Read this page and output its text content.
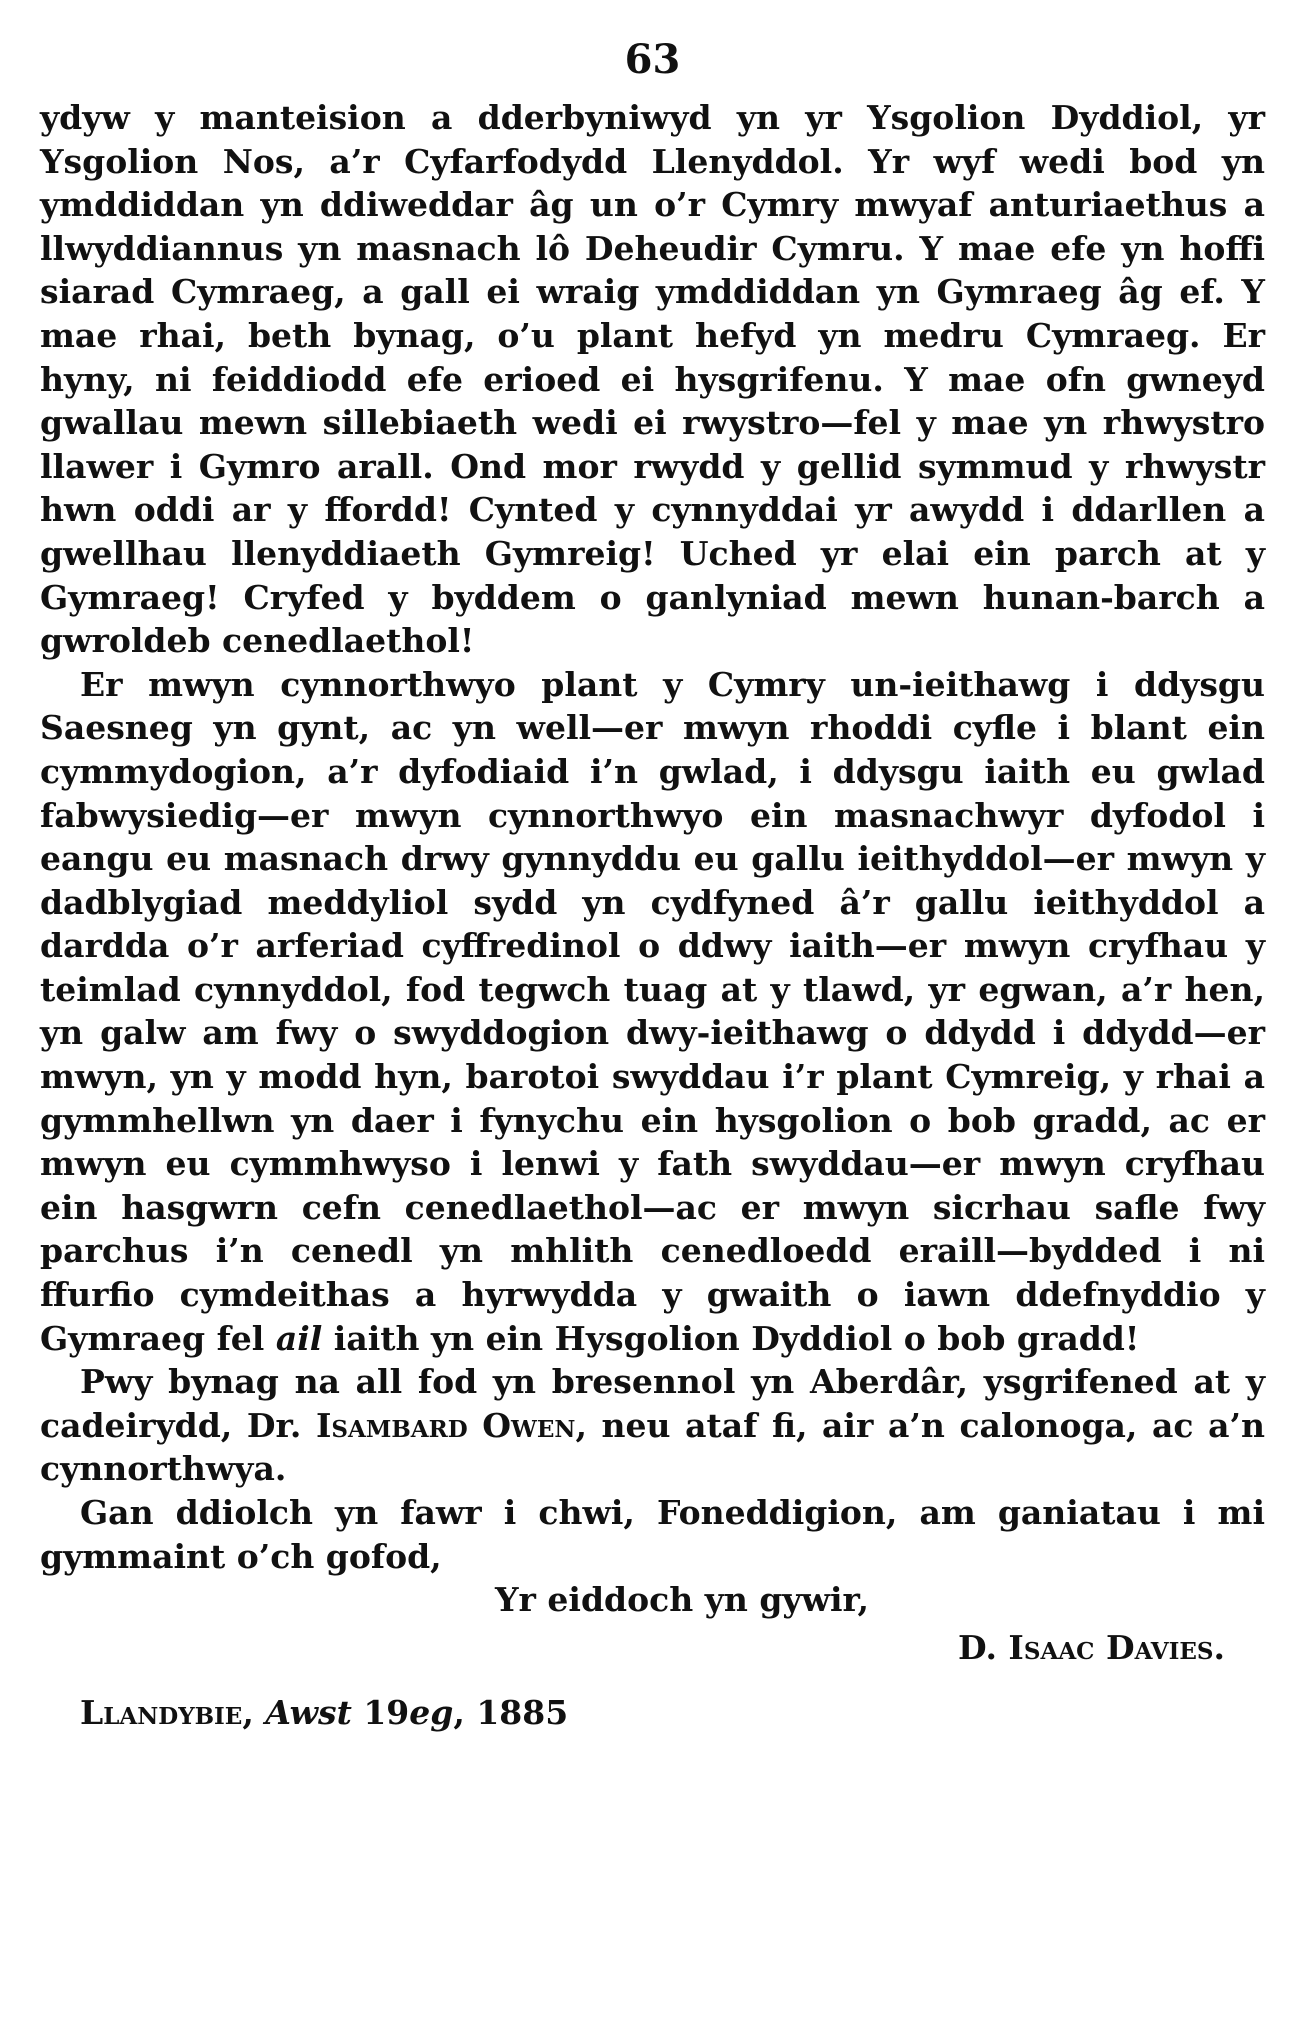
63

ydyw y manteision a dderbyniwyd yn yr Ysgolion Dyddiol, yr Ysgolion Nos, a’r Cyfarfodydd Llenyddol. Yr wyf wedi bod yn ymddiddan yn ddiweddar âg un o’r Cymry mwyaf anturiaethus a llwyddiannus yn masnach lô Deheudir Cymru. Y mae efe yn hoffi siarad Cymraeg, a gall ei wraig ymddiddan yn Gymraeg âg ef. Y mae rhai, beth bynag, o’u plant hefyd yn medru Cymraeg. Er hyny, ni feiddiodd efe erioed ei hysgrifenu. Y mae ofn gwneyd gwallau mewn sillebiaeth wedi ei rwystro—fel y mae yn rhwystro llawer i Gymro arall. Ond mor rwydd y gellid symmud y rhwystr hwn oddi ar y ffordd! Cynted y cynnyddai yr awydd i ddarllen a gwellhau llenyddiaeth Gymreig! Uched yr elai ein parch at y Gymraeg! Cryfed y byddem o ganlyniad mewn hunan-barch a gwroldeb cenedlaethol!

Er mwyn cynnorthwyo plant y Cymry un-ieithawg i ddysgu Saesneg yn gynt, ac yn well—er mwyn rhoddi cyfle i blant ein cymmydogion, a’r dyfodiaid i’n gwlad, i ddysgu iaith eu gwlad fabwysiedig—er mwyn cynnorthwyo ein masnachwyr dyfodol i eangu eu masnach drwy gynnyddu eu gallu ieithyddol—er mwyn y dadblygiad meddyliol sydd yn cydfyned â’r gallu ieithyddol a dardda o’r arferiad cyffredinol o ddwy iaith—er mwyn cryfhau y teimlad cynnyddol, fod tegwch tuag at y tlawd, yr egwan, a’r hen, yn galw am fwy o swyddogion dwy-ieithawg o ddydd i ddydd—er mwyn, yn y modd hyn, barotoi swyddau i’r plant Cymreig, y rhai a gymmhellwn yn daer i fynychu ein hysgolion o bob gradd, ac er mwyn eu cymmhwyso i lenwi y fath swyddau—er mwyn cryfhau ein hasgwrn cefn cenedlaethol—ac er mwyn sicrhau safle fwy parchus i’n cenedl yn mhlith cenedloedd eraill—bydded i ni ffurfio cymdeithas a hyrwydda y gwaith o iawn ddefnyddio y Gymraeg fel ail iaith yn ein Hysgolion Dyddiol o bob gradd!

Pwy bynag na all fod yn bresennol yn Aberdâr, ysgrifened at y cadeirydd, Dr. Isambard Owen, neu ataf fi, air a’n calonoga, ac a’n cynnorthwya.

Gan ddiolch yn fawr i chwi, Foneddigion, am ganiatau i mi gymmaint o’ch gofod,

Yr eiddoch yn gywir,
D. Isaac Davies.
Llandybie, Awst 19eg, 1885
